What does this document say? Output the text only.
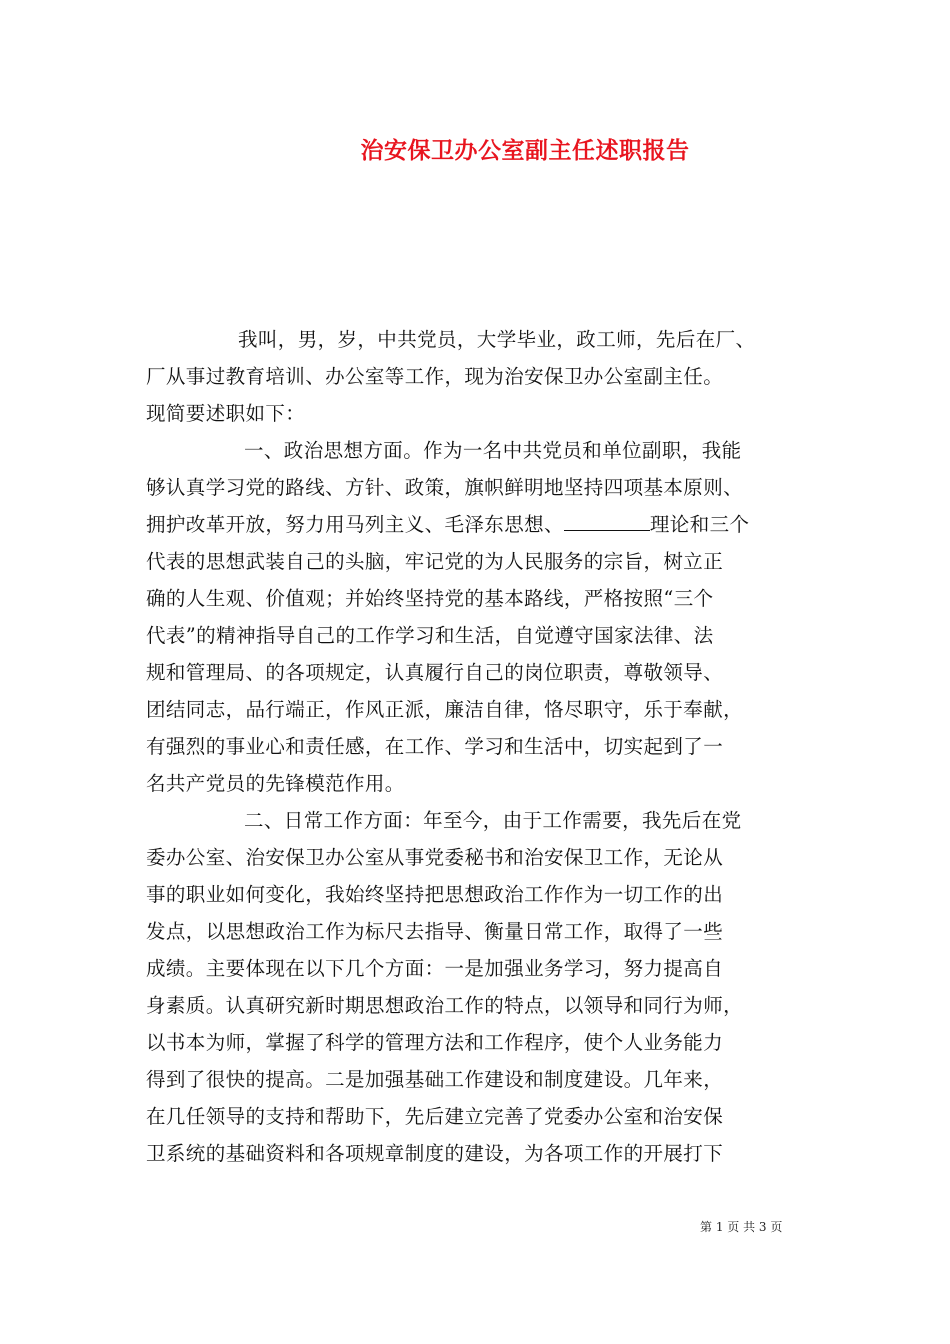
治安保卫办公室副主任述职报告
我叫，男，岁，中共党员，大学毕业，政工师，先后在厂、
厂从事过教育培训、办公室等工作，现为治安保卫办公室副主任。
现简要述职如下：
一、政治思想方面。作为一名中共党员和单位副职，我能
够认真学习党的路线、方针、政策，旗帜鲜明地坚持四项基本原则、
拥护改革开放，努力用马列主义、毛泽东思想、	理论和三个
代表的思想武装自己的头脑，牢记党的为人民服务的宗旨，树立正
确的人生观、价值观；并始终坚持党的基本路线，严格按照“三个
代表”的精神指导自己的工作学习和生活，自觉遵守国家法律、法
规和管理局、的各项规定，认真履行自己的岗位职责，尊敬领导、
团结同志，品行端正，作风正派，廉洁自律，恪尽职守，乐于奉献，
有强烈的事业心和责任感，在工作、学习和生活中，切实起到了一
名共产党员的先锋模范作用。
二、日常工作方面：年至今，由于工作需要，我先后在党
委办公室、治安保卫办公室从事党委秘书和治安保卫工作，无论从
事的职业如何变化，我始终坚持把思想政治工作作为一切工作的出
发点，以思想政治工作为标尺去指导、衡量日常工作，取得了一些
成绩。主要体现在以下几个方面：一是加强业务学习，努力提高自
身素质。认真研究新时期思想政治工作的特点，以领导和同行为师，
以书本为师，掌握了科学的管理方法和工作程序，使个人业务能力
得到了很快的提高。二是加强基础工作建设和制度建设。几年来，
在几任领导的支持和帮助下，先后建立完善了党委办公室和治安保
卫系统的基础资料和各项规章制度的建设，为各项工作的开展打下
第 1 页 共 3 页
